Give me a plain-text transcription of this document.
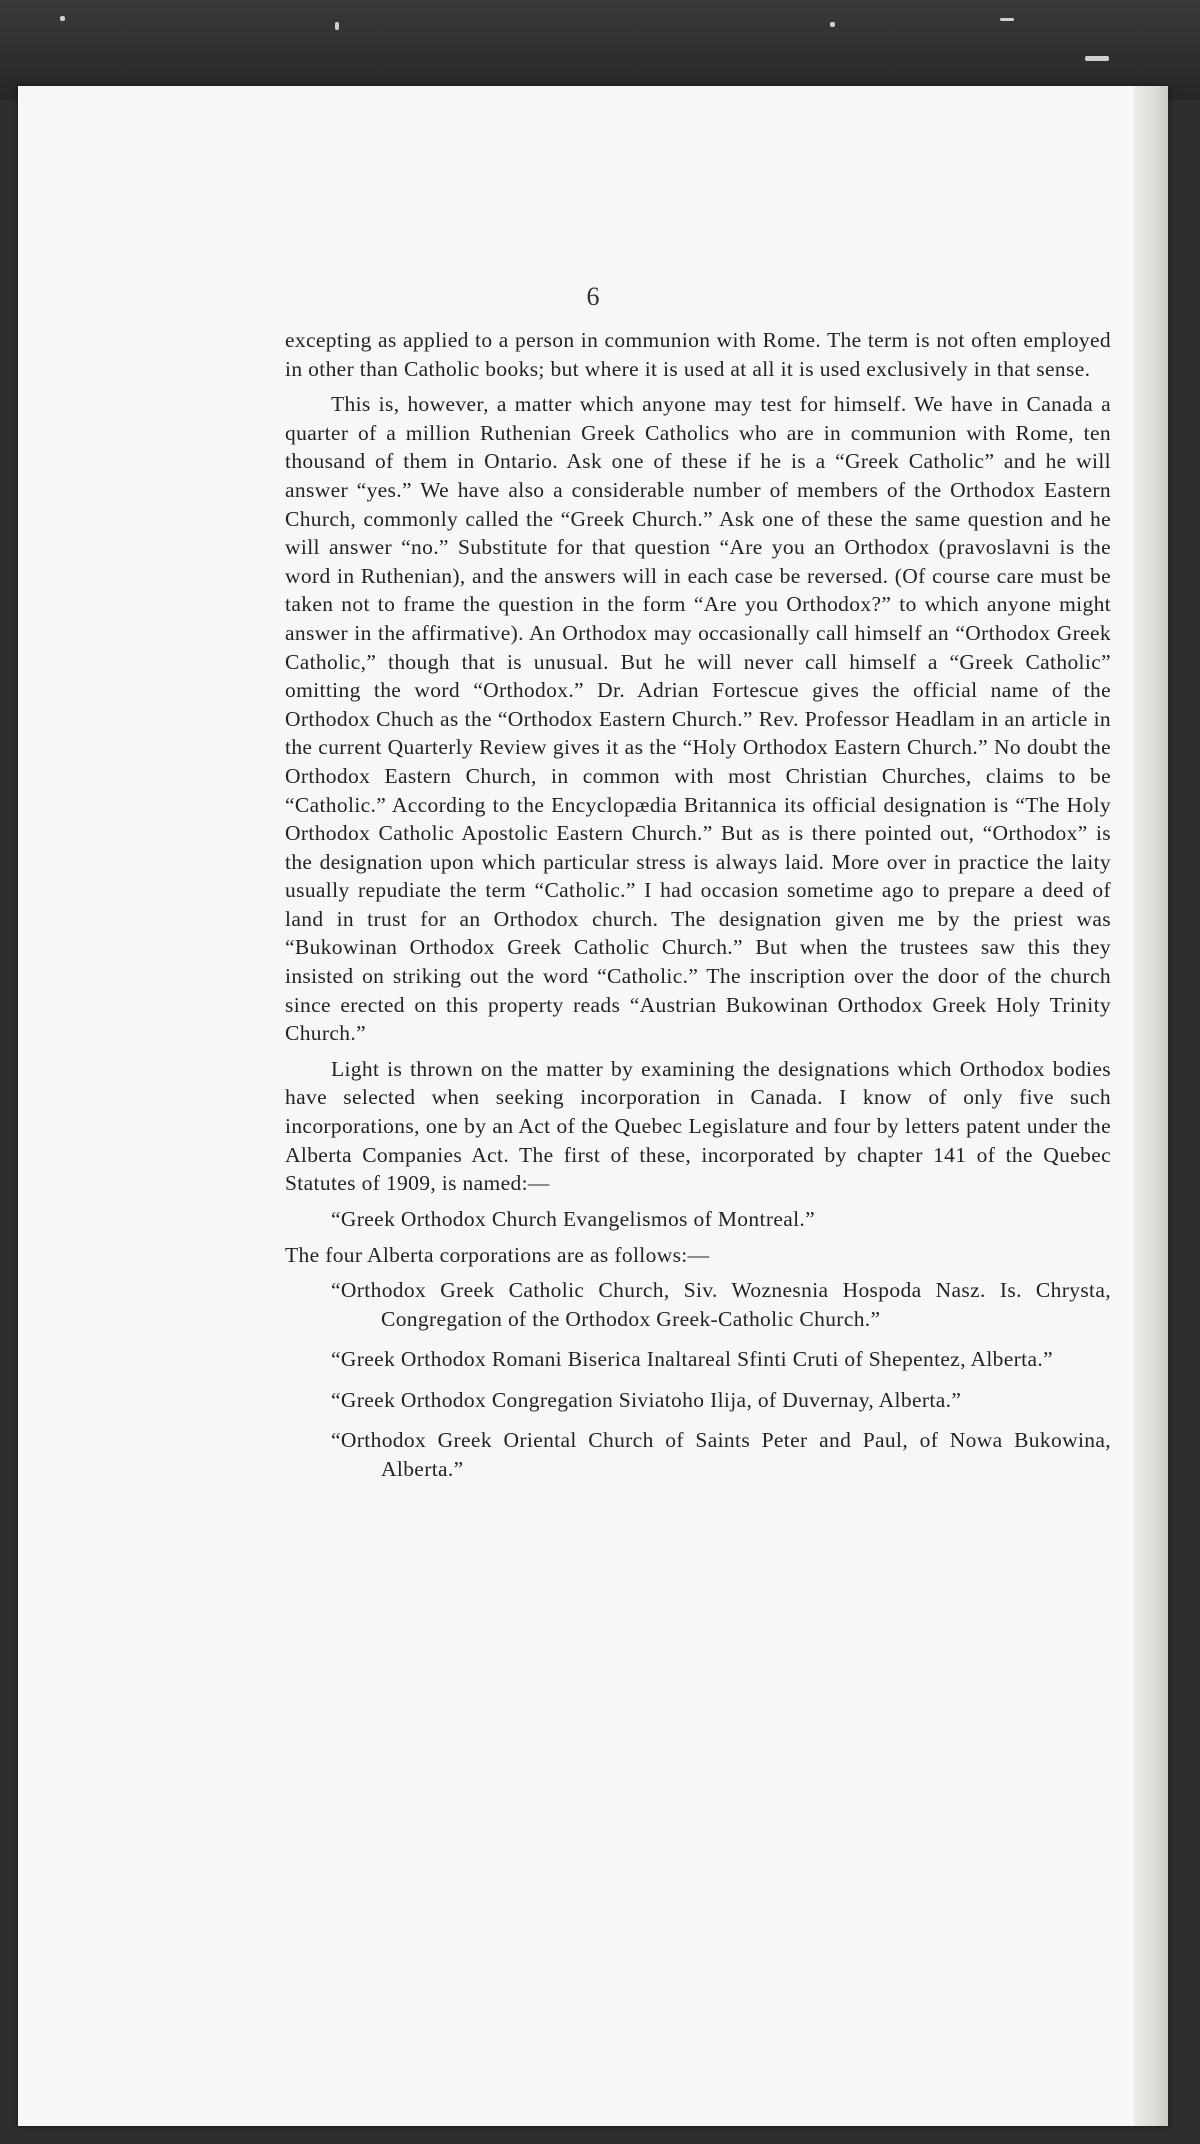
6

excepting as applied to a person in communion with Rome. The term is not often employed in other than Catholic books; but where it is used at all it is used exclusively in that sense.

This is, however, a matter which anyone may test for himself. We have in Canada a quarter of a million Ruthenian Greek Catholics who are in communion with Rome, ten thousand of them in Ontario. Ask one of these if he is a “Greek Catholic” and he will answer “yes.” We have also a considerable number of members of the Orthodox Eastern Church, commonly called the “Greek Church.” Ask one of these the same question and he will answer “no.” Substitute for that question “Are you an Orthodox (pravoslavni is the word in Ruthenian), and the answers will in each case be reversed. (Of course care must be taken not to frame the question in the form “Are you Orthodox?” to which anyone might answer in the affirmative). An Orthodox may occasionally call himself an “Orthodox Greek Catholic,” though that is unusual. But he will never call himself a “Greek Catholic” omitting the word “Orthodox.” Dr. Adrian Fortescue gives the official name of the Orthodox Chuch as the “Orthodox Eastern Church.” Rev. Professor Headlam in an article in the current Quarterly Review gives it as the “Holy Orthodox Eastern Church.” No doubt the Orthodox Eastern Church, in common with most Christian Churches, claims to be “Catholic.” According to the Encyclopædia Britannica its official designation is “The Holy Orthodox Catholic Apostolic Eastern Church.” But as is there pointed out, “Orthodox” is the designation upon which particular stress is always laid. More over in practice the laity usually repudiate the term “Catholic.” I had occasion sometime ago to prepare a deed of land in trust for an Orthodox church. The designation given me by the priest was “Bukowinan Orthodox Greek Catholic Church.” But when the trustees saw this they insisted on striking out the word “Catholic.” The inscription over the door of the church since erected on this property reads “Austrian Bukowinan Orthodox Greek Holy Trinity Church.”

Light is thrown on the matter by examining the designations which Orthodox bodies have selected when seeking incorporation in Canada. I know of only five such incorporations, one by an Act of the Quebec Legislature and four by letters patent under the Alberta Companies Act. The first of these, incorporated by chapter 141 of the Quebec Statutes of 1909, is named:—

“Greek Orthodox Church Evangelismos of Montreal.”

The four Alberta corporations are as follows:—

“Orthodox Greek Catholic Church, Siv. Woznesnia Hospoda Nasz. Is. Chrysta, Congregation of the Orthodox Greek-Catholic Church.”
“Greek Orthodox Romani Biserica Inaltareal Sfinti Cruti of Shepentez, Alberta.”
“Greek Orthodox Congregation Siviatoho Ilija, of Duvernay, Alberta.”
“Orthodox Greek Oriental Church of Saints Peter and Paul, of Nowa Bukowina, Alberta.”
